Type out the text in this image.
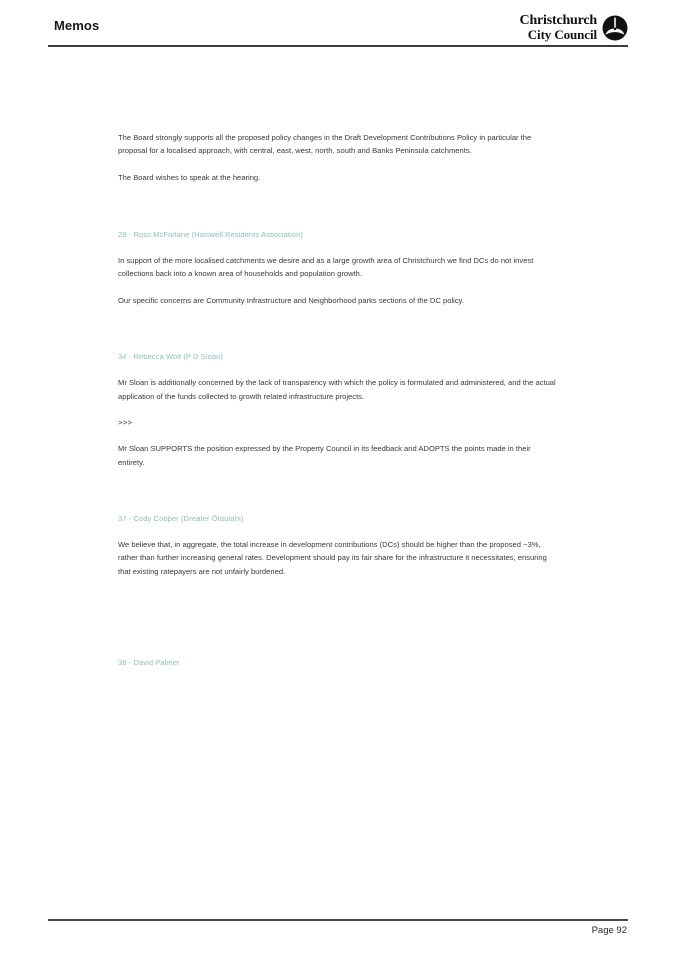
Memos	Christchurch
City Council

The Board strongly supports all the proposed policy changes in the Draft Development Contributions Policy in particular the proposal for a localised approach, with central, east, west, north, south and Banks Peninsula catchments.

The Board wishes to speak at the hearing.

29 - Ross McFarlane (Halswell Residents Association)

In support of the more localised catchments we desire and as a large growth area of Christchurch we find DCs do not invest collections back into a known area of households and population growth.

Our specific concerns are Community Infrastructure and Neighborhood parks sections of the DC policy.

34 - Rebecca Wolt (P D Sloan)

Mr Sloan is additionally concerned by the lack of transparency with which the policy is formulated and administered, and the actual application of the funds collected to growth related infrastructure projects.

>>>

Mr Sloan SUPPORTS the position expressed by the Property Council in its feedback and ADOPTS the points made in their entirety.

37 - Cody Cooper (Greater Ōtautahi)

We believe that, in aggregate, the total increase in development contributions (DCs) should be higher than the proposed ~3%, rather than further increasing general rates. Development should pay its fair share for the infrastructure it necessitates, ensuring that existing ratepayers are not unfairly burdened.

38 - David Palmer
Page 92
